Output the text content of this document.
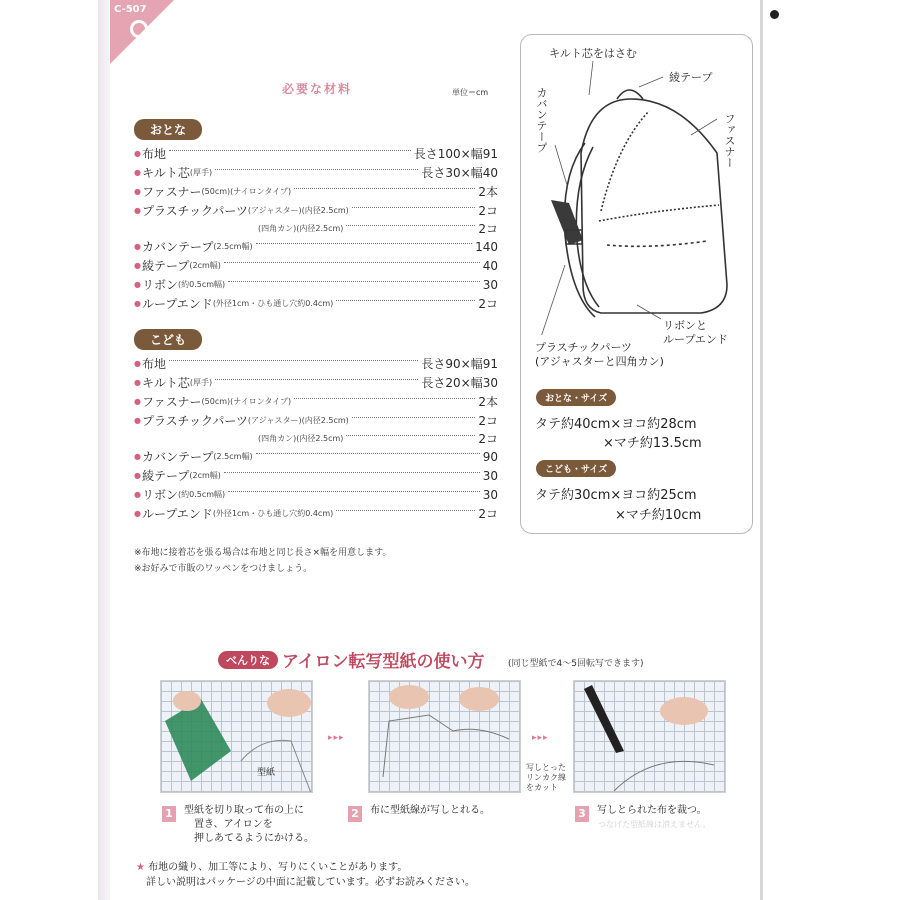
C-507
必要な材料	単位＝cm
おとな
● 布地	長さ100×幅91
● キルト芯 (厚手)	長さ30×幅40
● ファスナー (50cm)(ナイロンタイプ)	2本
● プラスチックパーツ (アジャスター)(内径2.5cm)	2コ
(四角カン)(内径2.5cm)	2コ
● カバンテープ (2.5cm幅)	140
● 綾テープ (2cm幅)	40
● リボン (約0.5cm幅)	30
● ループエンド (外径1cm・ひも通し穴約0.4cm)	2コ
こども
● 布地	長さ90×幅91
● キルト芯 (厚手)	長さ20×幅30
● ファスナー (50cm)(ナイロンタイプ)	2本
● プラスチックパーツ (アジャスター)(内径2.5cm)	2コ
(四角カン)(内径2.5cm)	2コ
● カバンテープ (2.5cm幅)	90
● 綾テープ (2cm幅)	30
● リボン (約0.5cm幅)	30
● ループエンド (外径1cm・ひも通し穴約0.4cm)	2コ
※布地に接着芯を張る場合は布地と同じ長さ×幅を用意します。
※お好みで市販のワッペンをつけましょう。
キルト芯をはさむ
綾テープ
カバンテープ	ファスナー
リボンと
ループエンド
プラスチックパーツ
(アジャスターと四角カン)
おとな・サイズ
タテ約40cm×ヨコ約28cm
×マチ約13.5cm
こども・サイズ
タテ約30cm×ヨコ約25cm
×マチ約10cm
べんりな アイロン転写型紙の使い方	(同じ型紙で4～5回転写できます)
型紙
▸▸▸
写しとった
リンカク線
をカット
▸▸▸
1	型紙を切り取って布の上に
置き、アイロンを
押しあてるようにかける。
2	布に型紙線が写しとれる。	3	写しとられた布を裁つ。
つなげた型紙線は消えません。
★ 布地の織り、加工等により、写りにくいことがあります。
詳しい説明はパッケージの中面に記載しています。必ずお読みください。
